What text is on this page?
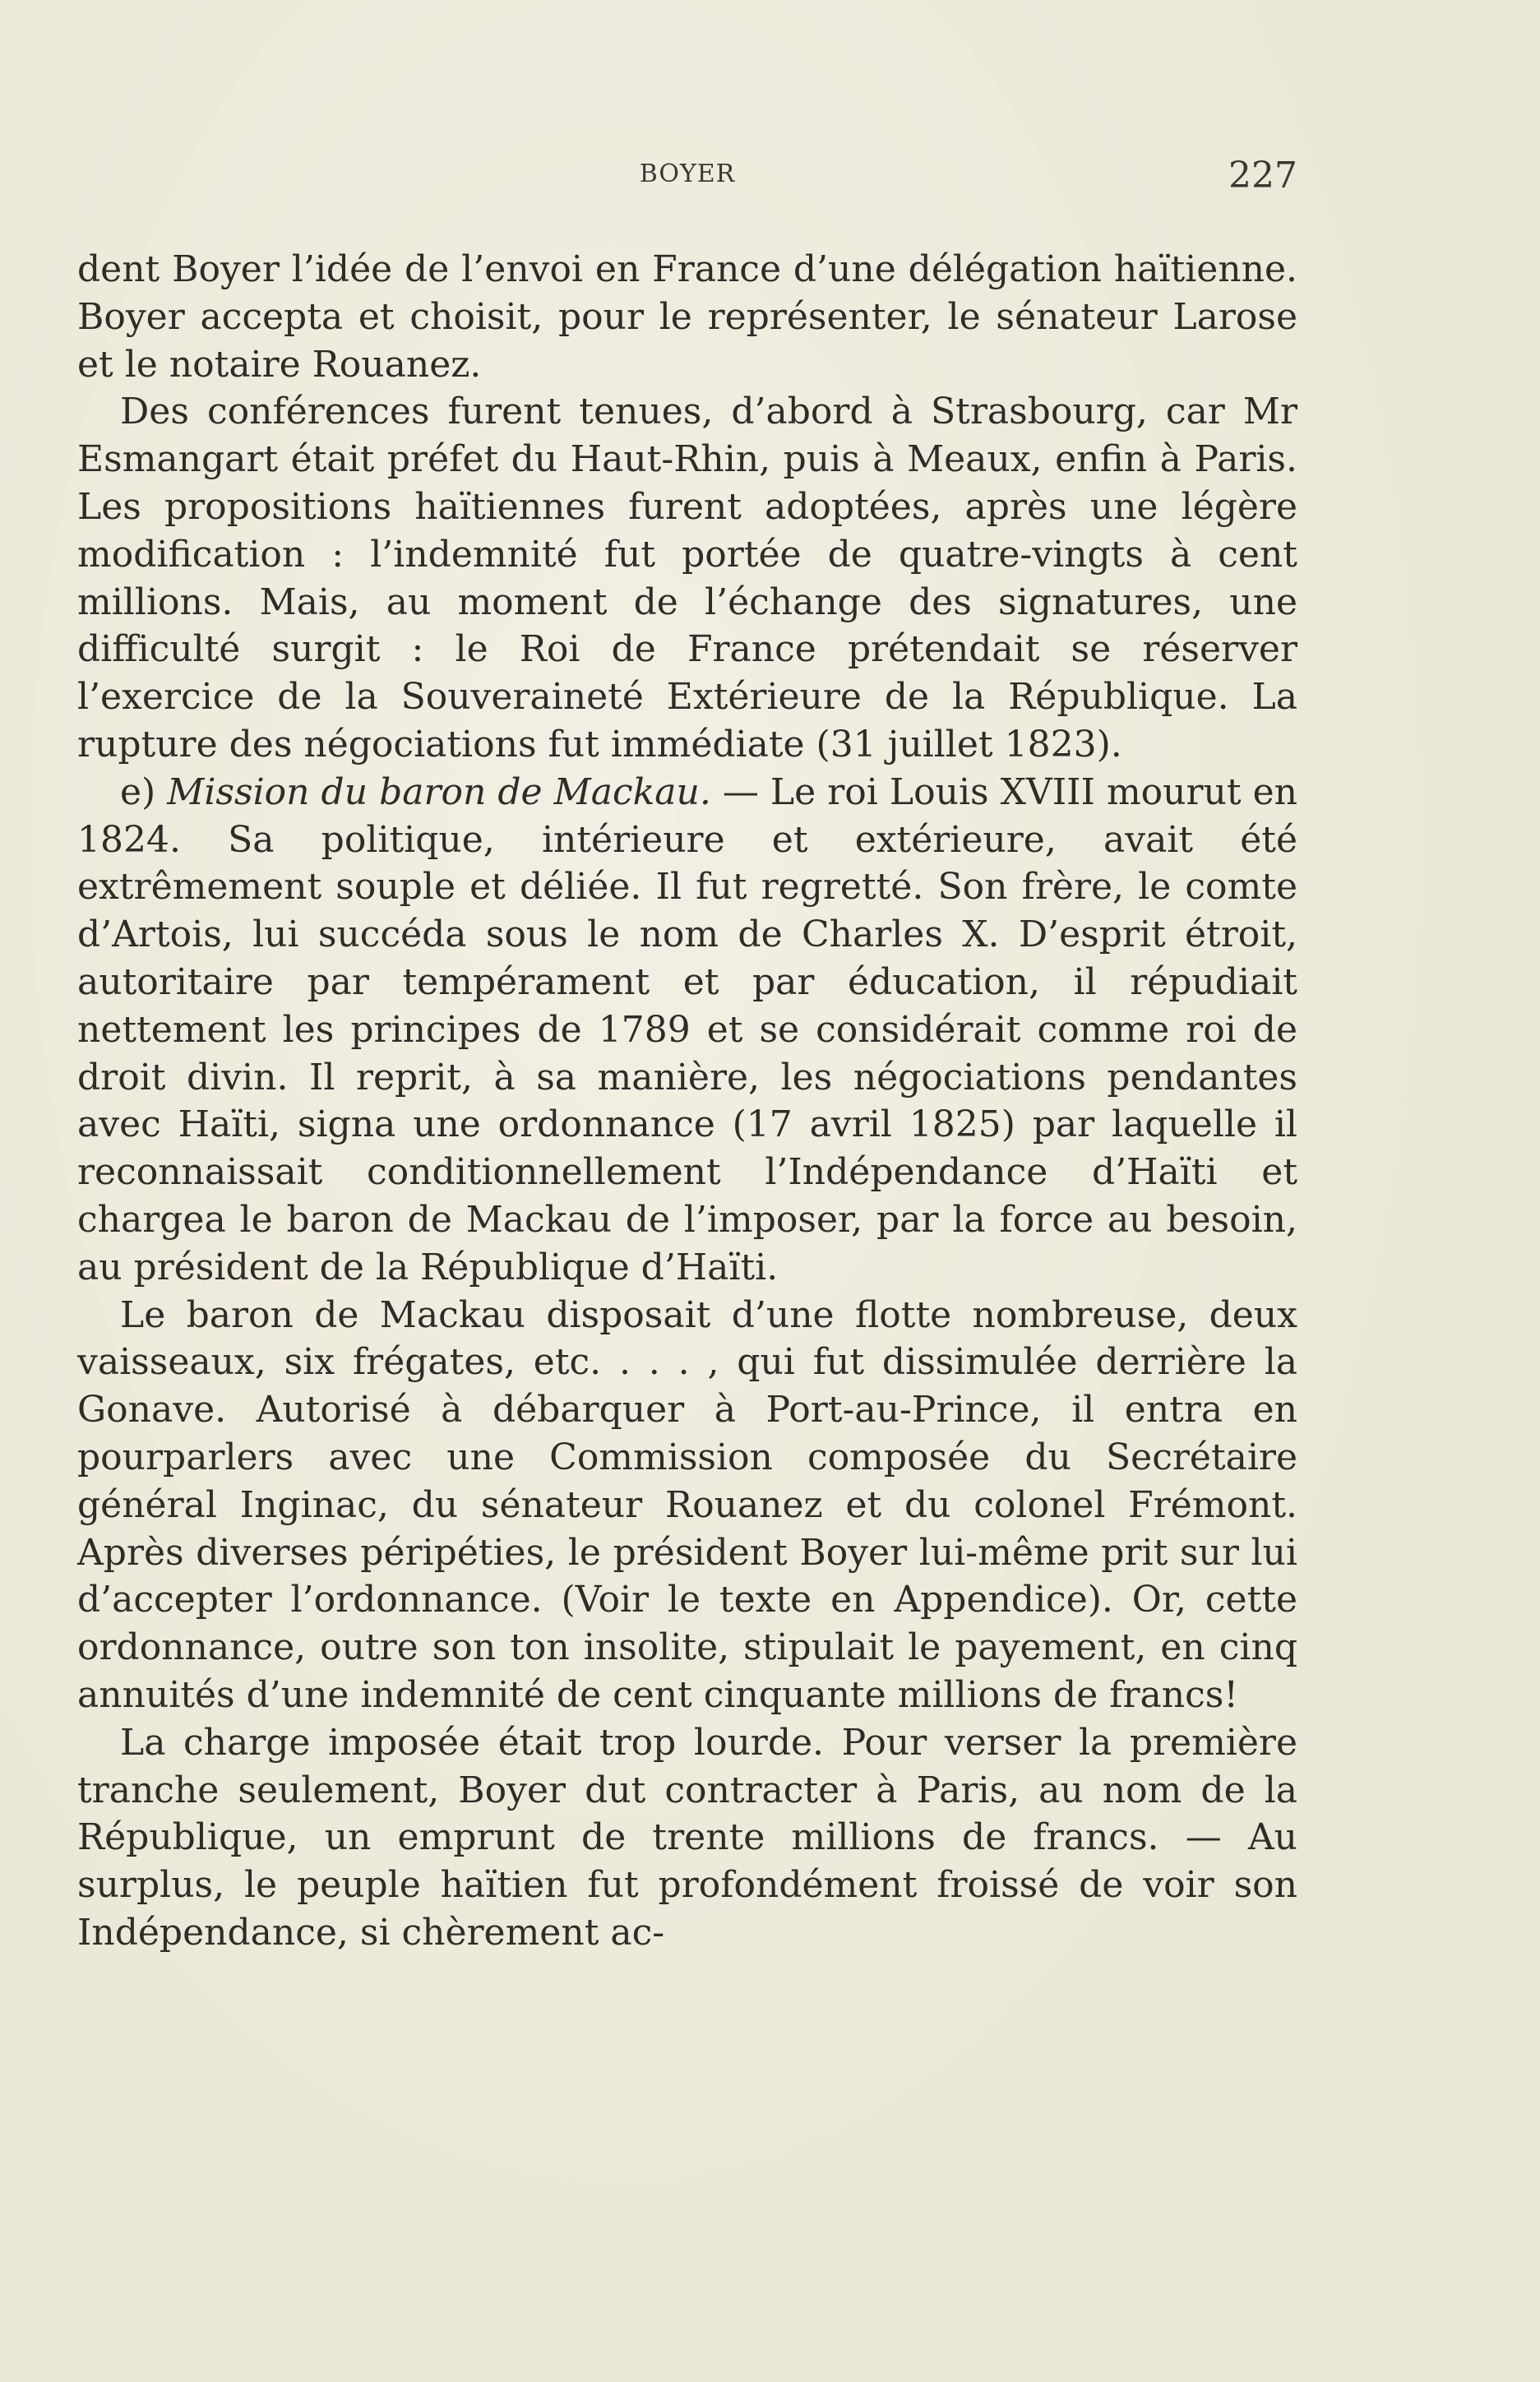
BOYER	227

dent Boyer l’idée de l’envoi en France d’une délégation haïtienne. Boyer accepta et choisit, pour le représenter, le sénateur Larose et le notaire Rouanez.

Des conférences furent tenues, d’abord à Strasbourg, car Mr Esmangart était préfet du Haut-Rhin, puis à Meaux, enfin à Paris. Les propositions haïtiennes furent adoptées, après une légère modification : l’indemnité fut portée de quatre-vingts à cent millions. Mais, au moment de l’échange des signatures, une difficulté surgit : le Roi de France prétendait se réserver l’exercice de la Souveraineté Extérieure de la République. La rupture des négociations fut immédiate (31 juillet 1823).

e) Mission du baron de Mackau. — Le roi Louis XVIII mourut en 1824. Sa politique, intérieure et extérieure, avait été extrêmement souple et déliée. Il fut regretté. Son frère, le comte d’Artois, lui succéda sous le nom de Charles X. D’esprit étroit, autoritaire par tempérament et par éducation, il répudiait nettement les principes de 1789 et se considérait comme roi de droit divin. Il reprit, à sa manière, les négociations pendantes avec Haïti, signa une ordonnance (17 avril 1825) par laquelle il reconnaissait conditionnellement l’Indépendance d’Haïti et chargea le baron de Mackau de l’imposer, par la force au besoin, au président de la République d’Haïti.

Le baron de Mackau disposait d’une flotte nombreuse, deux vaisseaux, six frégates, etc. . . . , qui fut dissimulée derrière la Gonave. Autorisé à débarquer à Port-au-Prince, il entra en pourparlers avec une Commission composée du Secrétaire général Inginac, du sénateur Rouanez et du colonel Frémont. Après diverses péripéties, le président Boyer lui-même prit sur lui d’accepter l’ordonnance. (Voir le texte en Appendice). Or, cette ordonnance, outre son ton insolite, stipulait le payement, en cinq annuités d’une indemnité de cent cinquante millions de francs!

La charge imposée était trop lourde. Pour verser la première tranche seulement, Boyer dut contracter à Paris, au nom de la République, un emprunt de trente millions de francs. — Au surplus, le peuple haïtien fut profondément froissé de voir son Indépendance, si chèrement ac-
